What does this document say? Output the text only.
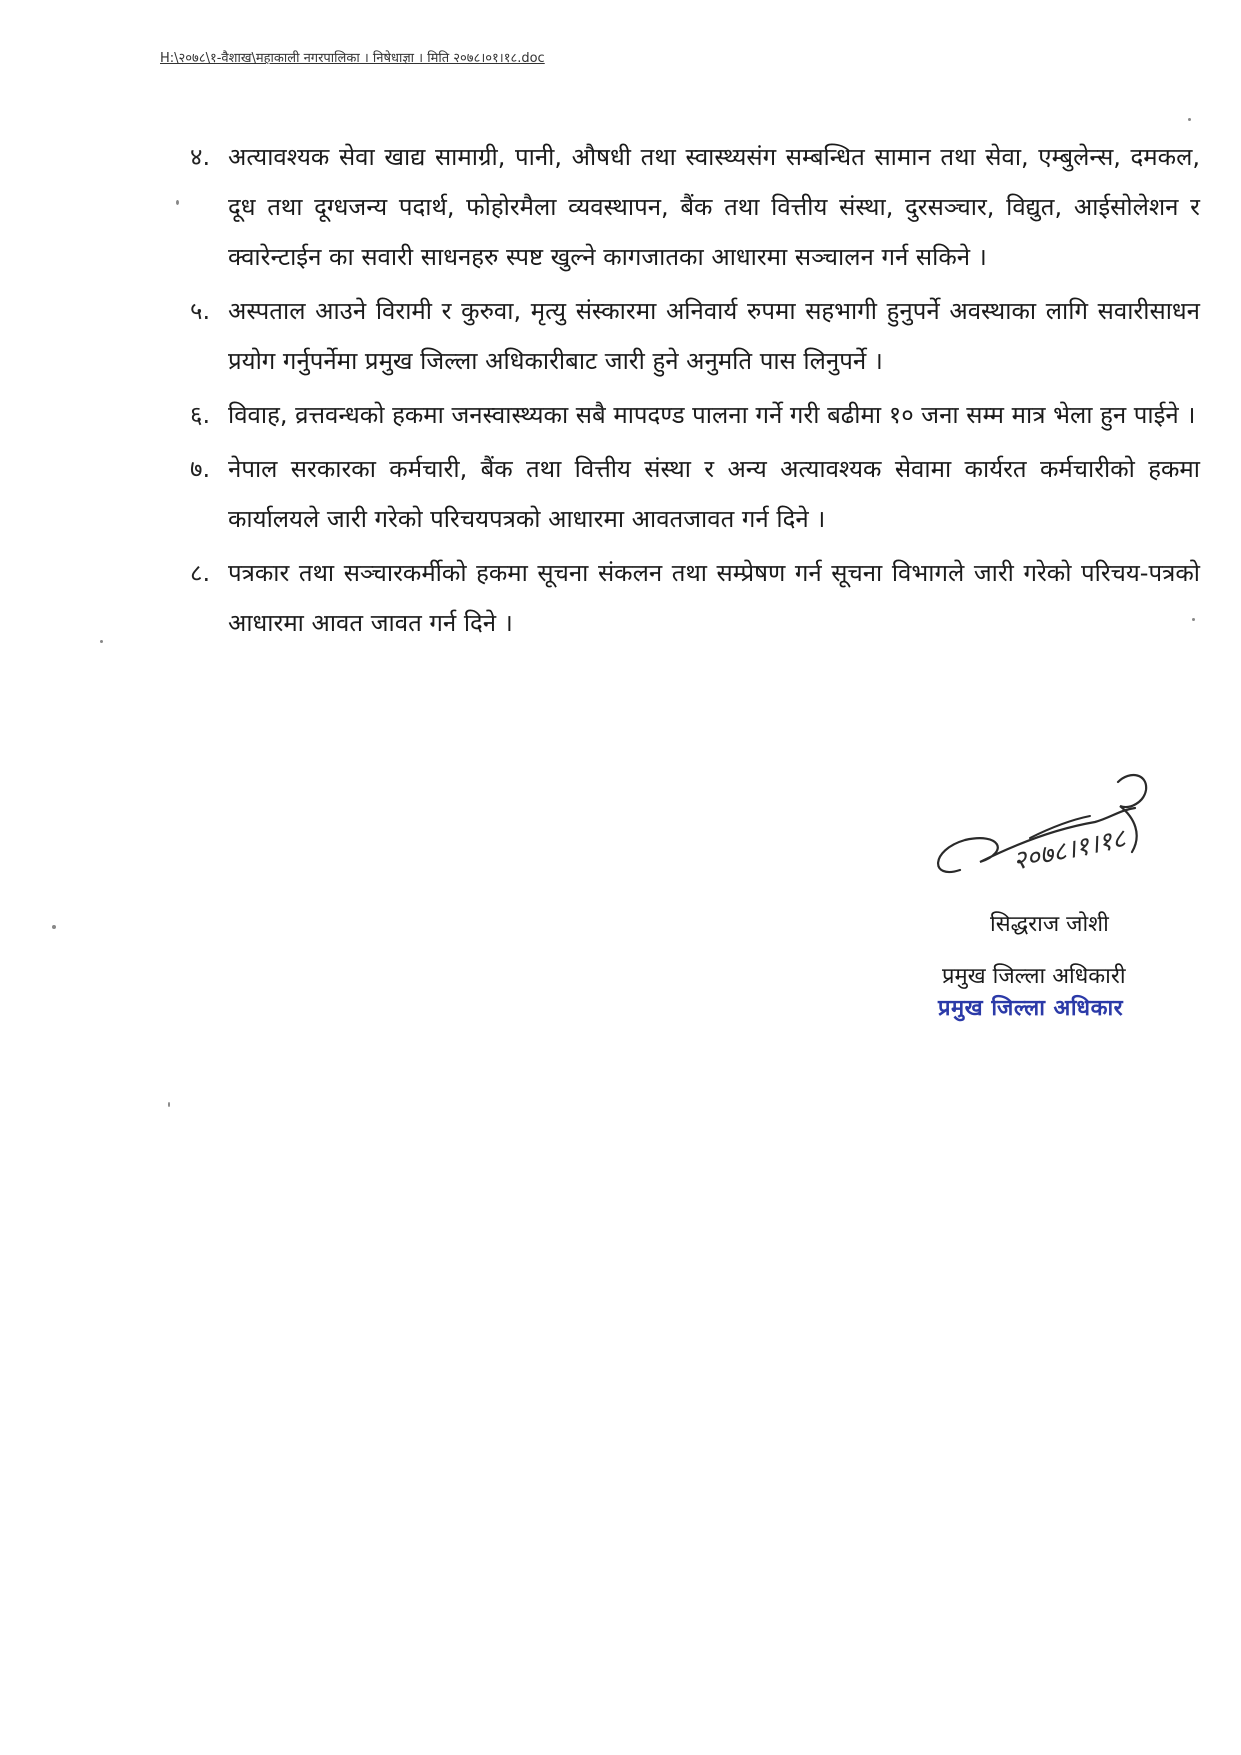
H:\२०७८\१-वैशाख\महाकाली नगरपालिका । निषेधाज्ञा । मिति २०७८।०१।१८.doc
४. अत्यावश्यक सेवा खाद्य सामाग्री, पानी, औषधी तथा स्वास्थ्यसंग सम्बन्धित सामान तथा सेवा, एम्बुलेन्स, दमकल, दूध तथा दूग्धजन्य पदार्थ, फोहोरमैला व्यवस्थापन, बैंक तथा वित्तीय संस्था, दुरसञ्चार, विद्युत, आईसोलेशन र क्वारेन्टाईन का सवारी साधनहरु स्पष्ट खुल्ने कागजातका आधारमा सञ्चालन गर्न सकिने ।
५. अस्पताल आउने विरामी र कुरुवा, मृत्यु संस्कारमा अनिवार्य रुपमा सहभागी हुनुपर्ने अवस्थाका लागि सवारीसाधन प्रयोग गर्नुपर्नेमा प्रमुख जिल्ला अधिकारीबाट जारी हुने अनुमति पास लिनुपर्ने ।
६. विवाह, व्रत्तवन्धको हकमा जनस्वास्थ्यका सबै मापदण्ड पालना गर्ने गरी बढीमा १० जना सम्म मात्र भेला हुन पाईने ।
७. नेपाल सरकारका कर्मचारी, बैंक तथा वित्तीय संस्था र अन्य अत्यावश्यक सेवामा कार्यरत कर्मचारीको हकमा कार्यालयले जारी गरेको परिचयपत्रको आधारमा आवतजावत गर्न दिने ।
८. पत्रकार तथा सञ्चारकर्मीको हकमा सूचना संकलन तथा सम्प्रेषण गर्न सूचना विभागले जारी गरेको परिचय-पत्रको आधारमा आवत जावत गर्न दिने ।
२०७८।१।१८
सिद्धराज जोशी
प्रमुख जिल्ला अधिकारी
प्रमुख जिल्ला अधिकार
